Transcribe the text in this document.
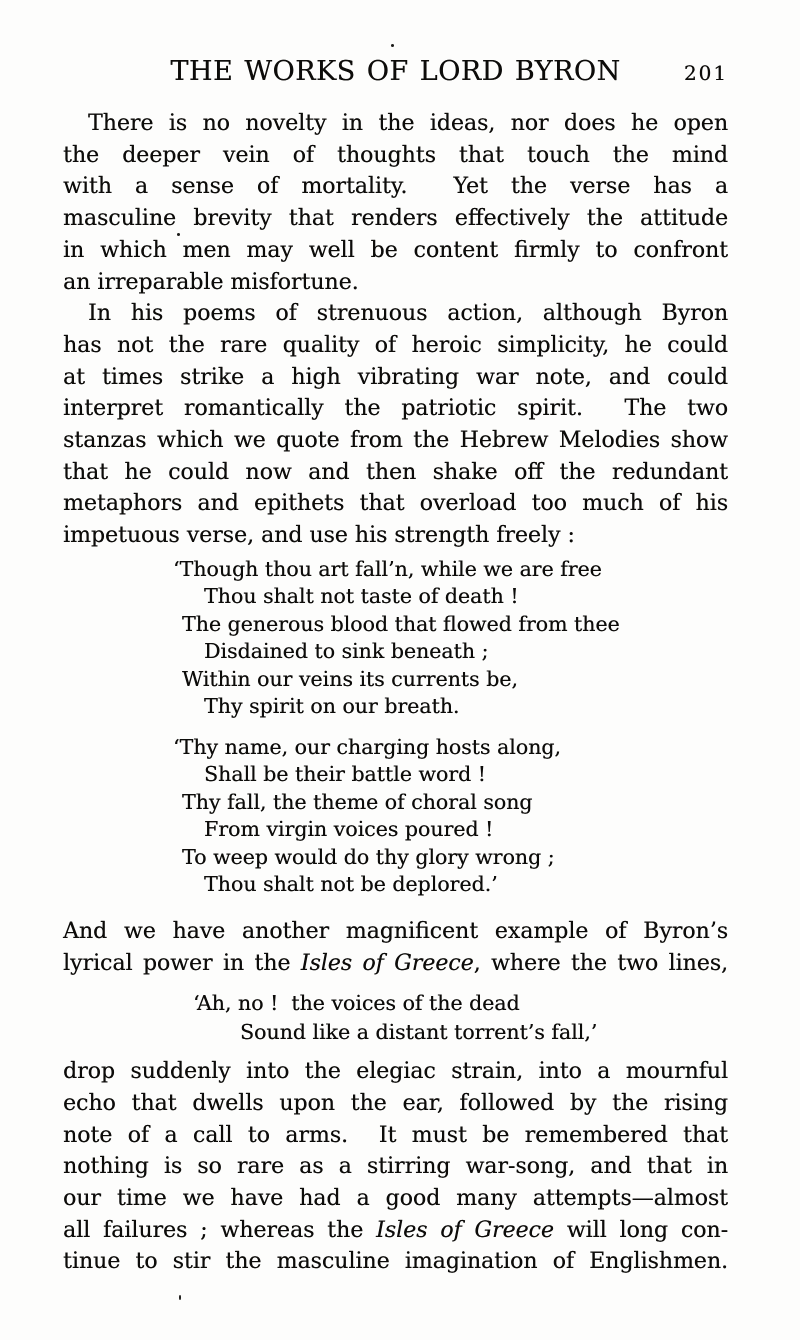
THE WORKS OF LORD BYRON	201
There is no novelty in the ideas, nor does he open
the deeper vein of thoughts that touch the mind
with a sense of mortality.  Yet the verse has a
masculine brevity that renders effectively the attitude
in which men may well be content firmly to confront
an irreparable misfortune.
In his poems of strenuous action, although Byron
has not the rare quality of heroic simplicity, he could
at times strike a high vibrating war note, and could
interpret romantically the patriotic spirit.  The two
stanzas which we quote from the Hebrew Melodies show
that he could now and then shake off the redundant
metaphors and epithets that overload too much of his
impetuous verse, and use his strength freely :
‘Though thou art fall’n, while we are free
Thou shalt not taste of death !
The generous blood that flowed from thee
Disdained to sink beneath ;
Within our veins its currents be,
Thy spirit on our breath.
‘Thy name, our charging hosts along,
Shall be their battle word !
Thy fall, the theme of choral song
From virgin voices poured !
To weep would do thy glory wrong ;
Thou shalt not be deplored.’
And we have another magnificent example of Byron’s
lyrical power in the Isles of Greece, where the two lines,
‘Ah, no !  the voices of the dead
Sound like a distant torrent’s fall,’
drop suddenly into the elegiac strain, into a mournful
echo that dwells upon the ear, followed by the rising
note of a call to arms.  It must be remembered that
nothing is so rare as a stirring war-song, and that in
our time we have had a good many attempts—almost
all failures ; whereas the Isles of Greece will long con-
tinue to stir the masculine imagination of Englishmen.
